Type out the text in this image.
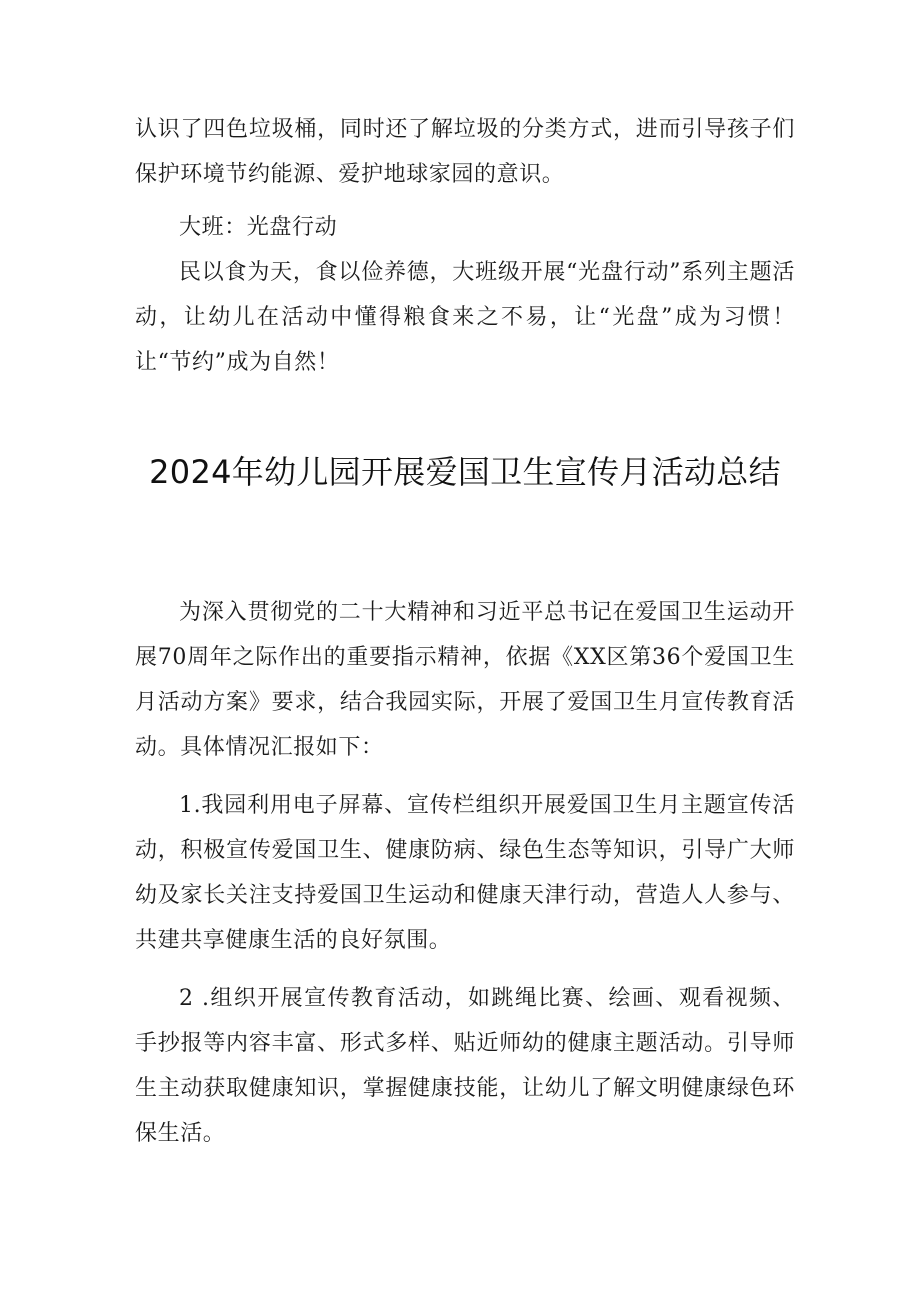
认识了四色垃圾桶，同时还了解垃圾的分类方式，进而引导孩子们保护环境节约能源、爱护地球家园的意识。

大班：光盘行动

民以食为天，食以俭养德，大班级开展“光盘行动”系列主题活动，让幼儿在活动中懂得粮食来之不易，让“光盘”成为习惯！让“节约”成为自然！

2024年幼儿园开展爱国卫生宣传月活动总结

为深入贯彻党的二十大精神和习近平总书记在爱国卫生运动开展70周年之际作出的重要指示精神，依据《XX区第36个爱国卫生月活动方案》要求，结合我园实际，开展了爱国卫生月宣传教育活动。具体情况汇报如下：

1.我园利用电子屏幕、宣传栏组织开展爱国卫生月主题宣传活动，积极宣传爱国卫生、健康防病、绿色生态等知识，引导广大师幼及家长关注支持爱国卫生运动和健康天津行动，营造人人参与、共建共享健康生活的良好氛围。

2 .组织开展宣传教育活动，如跳绳比赛、绘画、观看视频、手抄报等内容丰富、形式多样、贴近师幼的健康主题活动。引导师生主动获取健康知识，掌握健康技能，让幼儿了解文明健康绿色环保生活。
